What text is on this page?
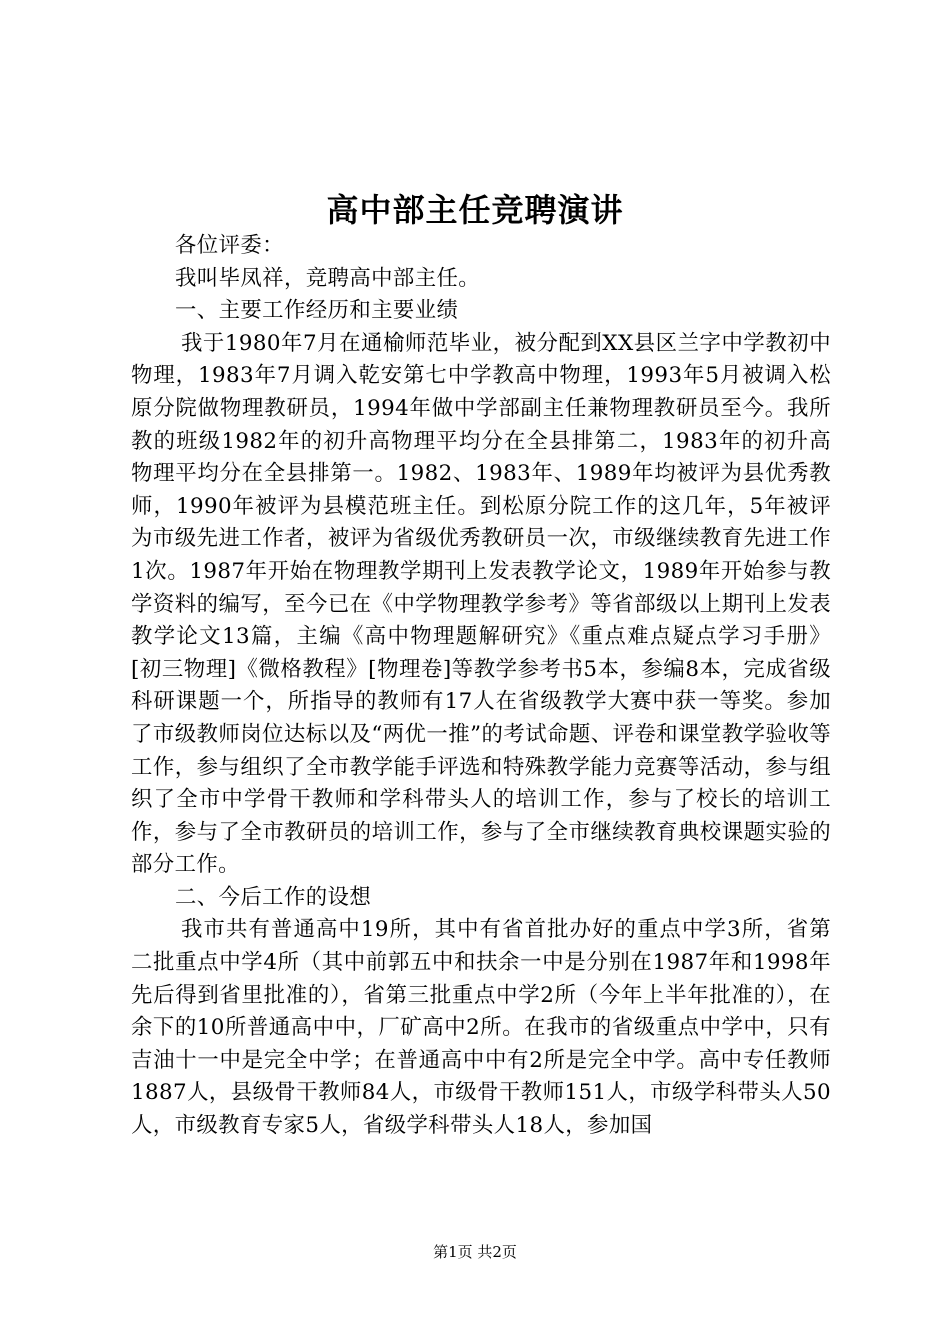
高中部主任竞聘演讲

各位评委：

我叫毕凤祥，竞聘高中部主任。

一、主要工作经历和主要业绩

我于1980年7月在通榆师范毕业，被分配到XX县区兰字中学教初中物理，1983年7月调入乾安第七中学教高中物理，1993年5月被调入松原分院做物理教研员，1994年做中学部副主任兼物理教研员至今。我所教的班级1982年的初升高物理平均分在全县排第二，1983年的初升高物理平均分在全县排第一。1982、1983年、1989年均被评为县优秀教师，1990年被评为县模范班主任。到松原分院工作的这几年，5年被评为市级先进工作者，被评为省级优秀教研员一次，市级继续教育先进工作1次。1987年开始在物理教学期刊上发表教学论文，1989年开始参与教学资料的编写，至今已在《中学物理教学参考》等省部级以上期刊上发表教学论文13篇，主编《高中物理题解研究》《重点难点疑点学习手册》[初三物理]《微格教程》[物理卷]等教学参考书5本，参编8本，完成省级科研课题一个，所指导的教师有17人在省级教学大赛中获一等奖。参加了市级教师岗位达标以及“两优一推”的考试命题、评卷和课堂教学验收等工作，参与组织了全市教学能手评选和特殊教学能力竞赛等活动，参与组织了全市中学骨干教师和学科带头人的培训工作，参与了校长的培训工作，参与了全市教研员的培训工作，参与了全市继续教育典校课题实验的部分工作。

二、今后工作的设想

我市共有普通高中19所，其中有省首批办好的重点中学3所，省第二批重点中学4所（其中前郭五中和扶余一中是分别在1987年和1998年先后得到省里批准的），省第三批重点中学2所（今年上半年批准的），在余下的10所普通高中中，厂矿高中2所。在我市的省级重点中学中，只有吉油十一中是完全中学；在普通高中中有2所是完全中学。高中专任教师1887人，县级骨干教师84人，市级骨干教师151人，市级学科带头人50人，市级教育专家5人，省级学科带头人18人，参加国

第1页 共2页
